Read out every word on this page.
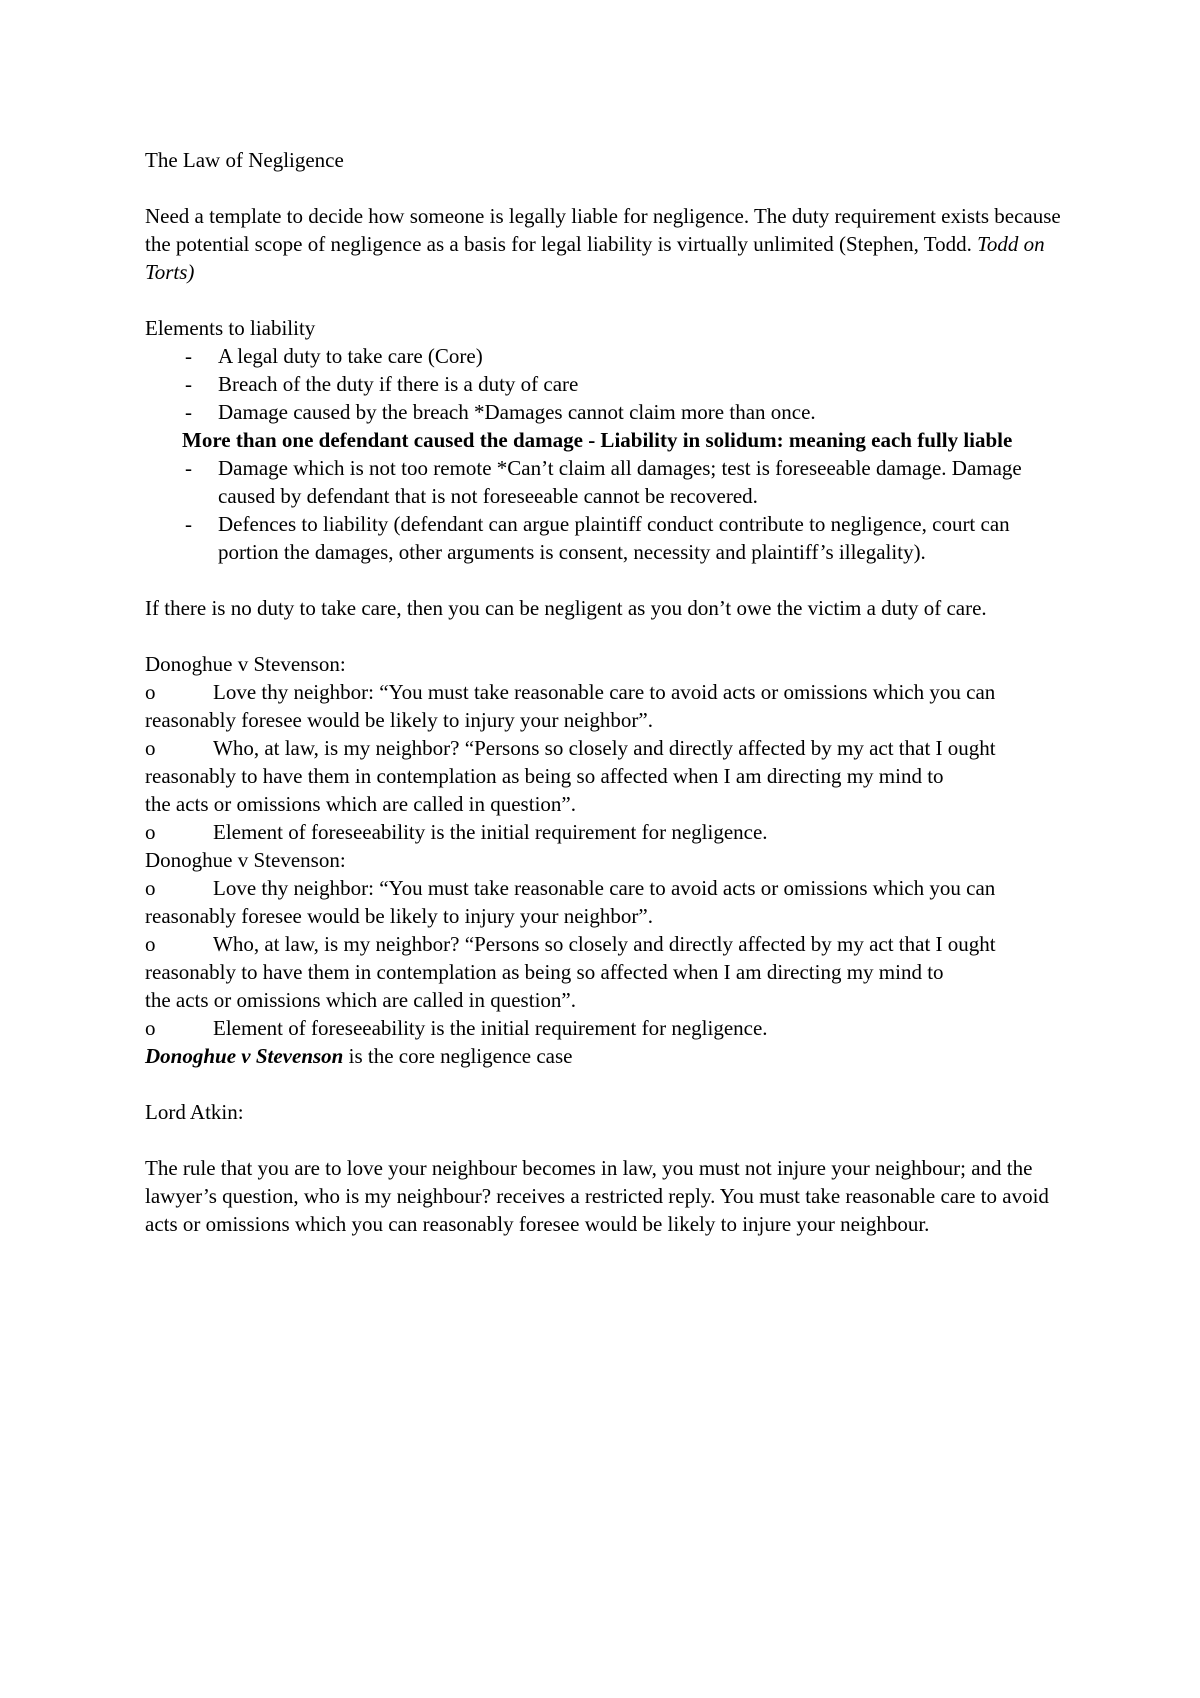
The Law of Negligence

Need a template to decide how someone is legally liable for negligence. The duty requirement exists because the potential scope of negligence as a basis for legal liability is virtually unlimited (Stephen, Todd. Todd on Torts)

Elements to liability

- A legal duty to take care (Core)
- Breach of the duty if there is a duty of care
- Damage caused by the breach *Damages cannot claim more than once.

More than one defendant caused the damage - Liability in solidum: meaning each fully liable

- Damage which is not too remote *Can’t claim all damages; test is foreseeable damage. Damage caused by defendant that is not foreseeable cannot be recovered.
- Defences to liability (defendant can argue plaintiff conduct contribute to negligence, court can portion the damages, other arguments is consent, necessity and plaintiff’s illegality).

If there is no duty to take care, then you can be negligent as you don’t owe the victim a duty of care.

Donoghue v Stevenson:

o	Love thy neighbor: “You must take reasonable care to avoid acts or omissions which you can

reasonably foresee would be likely to injury your neighbor”.

o	Who, at law, is my neighbor? “Persons so closely and directly affected by my act that I ought

reasonably to have them in contemplation as being so affected when I am directing my mind to

the acts or omissions which are called in question”.

o	Element of foreseeability is the initial requirement for negligence.

Donoghue v Stevenson:

o	Love thy neighbor: “You must take reasonable care to avoid acts or omissions which you can

reasonably foresee would be likely to injury your neighbor”.

o	Who, at law, is my neighbor? “Persons so closely and directly affected by my act that I ought

reasonably to have them in contemplation as being so affected when I am directing my mind to

the acts or omissions which are called in question”.

o	Element of foreseeability is the initial requirement for negligence.

Donoghue v Stevenson is the core negligence case

Lord Atkin:

The rule that you are to love your neighbour becomes in law, you must not injure your neighbour; and the lawyer’s question, who is my neighbour? receives a restricted reply. You must take reasonable care to avoid acts or omissions which you can reasonably foresee would be likely to injure your neighbour.
